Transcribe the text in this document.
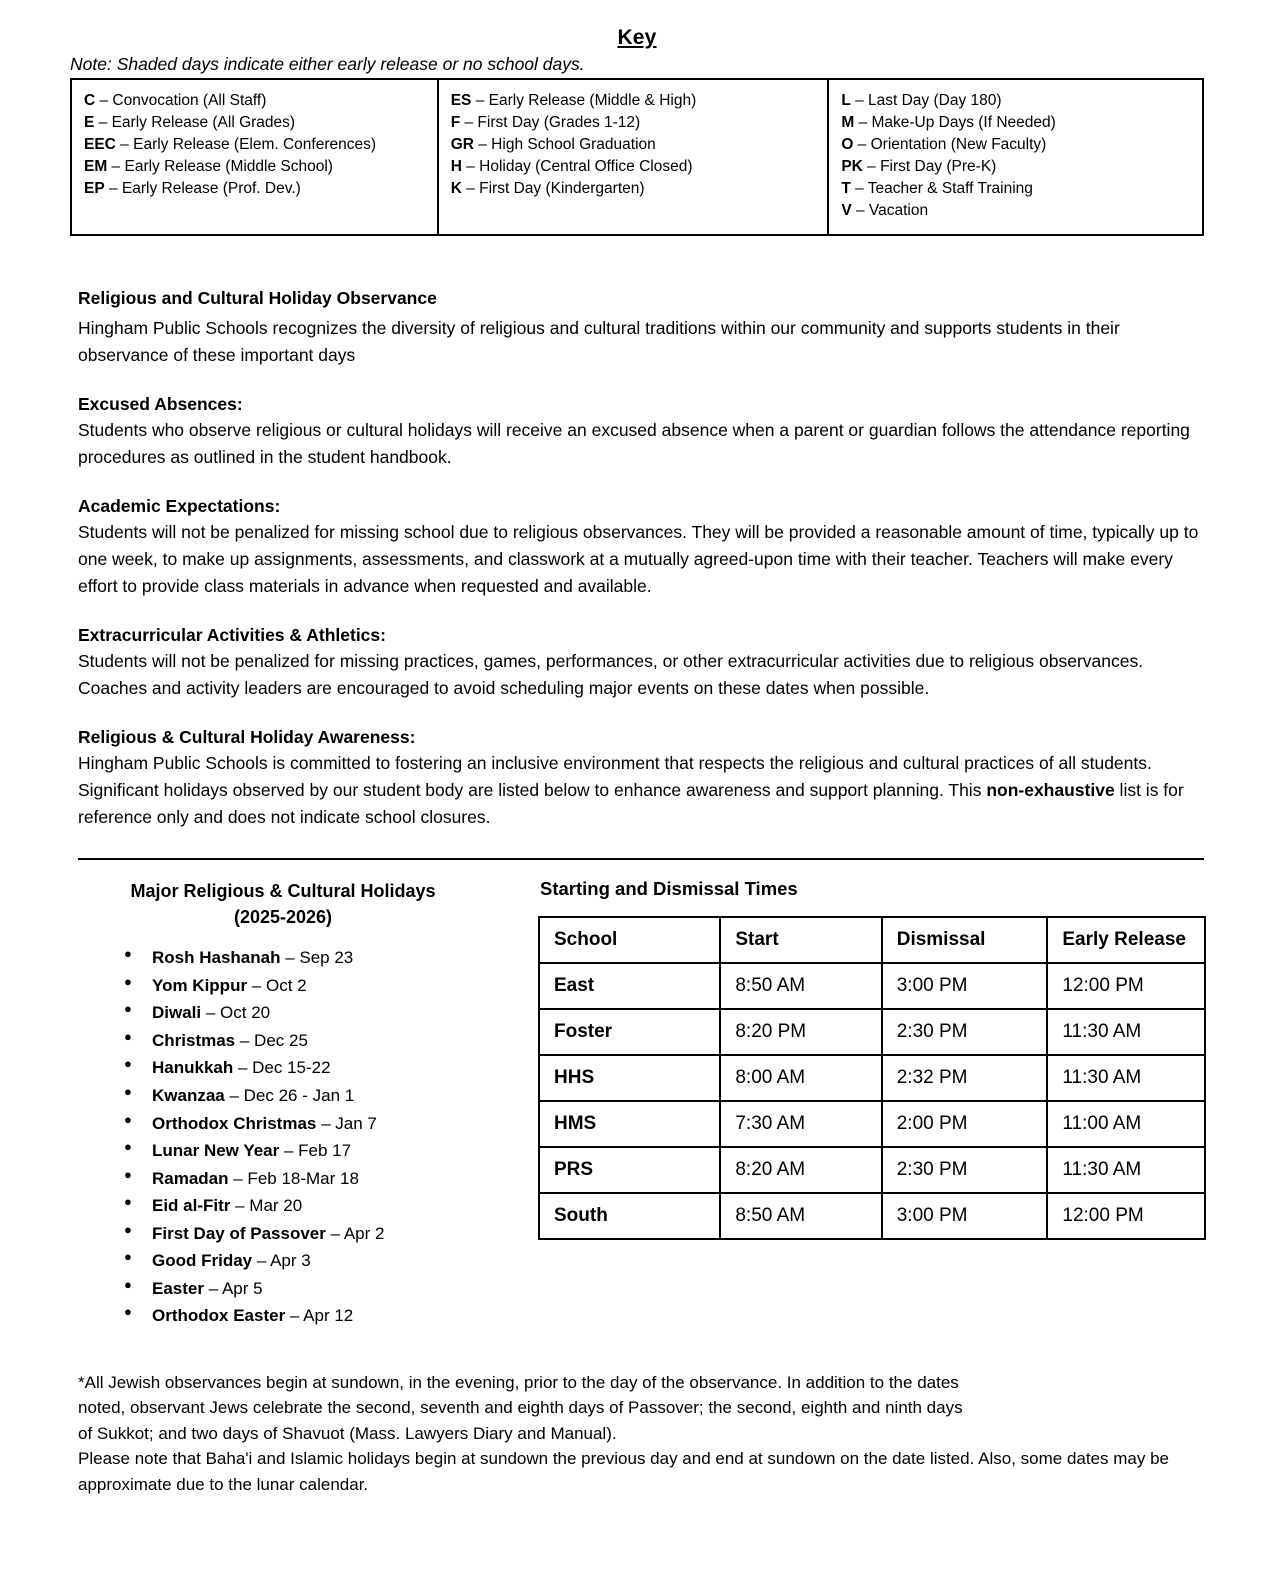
Key
Note: Shaded days indicate either early release or no school days.
C – Convocation (All Staff)
E – Early Release (All Grades)
EEC – Early Release (Elem. Conferences)
EM – Early Release (Middle School)
EP – Early Release (Prof. Dev.)
ES – Early Release (Middle & High)
F – First Day (Grades 1-12)
GR – High School Graduation
H – Holiday (Central Office Closed)
K – First Day (Kindergarten)
L – Last Day (Day 180)
M – Make-Up Days (If Needed)
O – Orientation (New Faculty)
PK – First Day (Pre-K)
T – Teacher & Staff Training
V – Vacation
Religious and Cultural Holiday Observance

Hingham Public Schools recognizes the diversity of religious and cultural traditions within our community and supports students in their observance of these important days

Excused Absences:

Students who observe religious or cultural holidays will receive an excused absence when a parent or guardian follows the attendance reporting procedures as outlined in the student handbook.

Academic Expectations:

Students will not be penalized for missing school due to religious observances. They will be provided a reasonable amount of time, typically up to one week, to make up assignments, assessments, and classwork at a mutually agreed-upon time with their teacher. Teachers will make every effort to provide class materials in advance when requested and available.

Extracurricular Activities & Athletics:

Students will not be penalized for missing practices, games, performances, or other extracurricular activities due to religious observances. Coaches and activity leaders are encouraged to avoid scheduling major events on these dates when possible.

Religious & Cultural Holiday Awareness:

Hingham Public Schools is committed to fostering an inclusive environment that respects the religious and cultural practices of all students. Significant holidays observed by our student body are listed below to enhance awareness and support planning. This non-exhaustive list is for reference only and does not indicate school closures.

Major Religious & Cultural Holidays
(2025-2026)
● Rosh Hashanah – Sep 23
● Yom Kippur – Oct 2
● Diwali – Oct 20
● Christmas – Dec 25
● Hanukkah – Dec 15-22
● Kwanzaa – Dec 26 - Jan 1
● Orthodox Christmas – Jan 7
● Lunar New Year – Feb 17
● Ramadan – Feb 18-Mar 18
● Eid al-Fitr – Mar 20
● First Day of Passover – Apr 2
● Good Friday – Apr 3
● Easter – Apr 5
● Orthodox Easter – Apr 12
Starting and Dismissal Times
School	Start	Dismissal	Early Release
East	8:50 AM	3:00 PM	12:00 PM
Foster	8:20 PM	2:30 PM	11:30 AM
HHS	8:00 AM	2:32 PM	11:30 AM
HMS	7:30 AM	2:00 PM	11:00 AM
PRS	8:20 AM	2:30 PM	11:30 AM
South	8:50 AM	3:00 PM	12:00 PM

*All Jewish observances begin at sundown, in the evening, prior to the day of the observance. In addition to the dates

noted, observant Jews celebrate the second, seventh and eighth days of Passover; the second, eighth and ninth days

of Sukkot; and two days of Shavuot (Mass. Lawyers Diary and Manual).

Please note that Baha'i and Islamic holidays begin at sundown the previous day and end at sundown on the date listed. Also, some dates may be approximate due to the lunar calendar.
